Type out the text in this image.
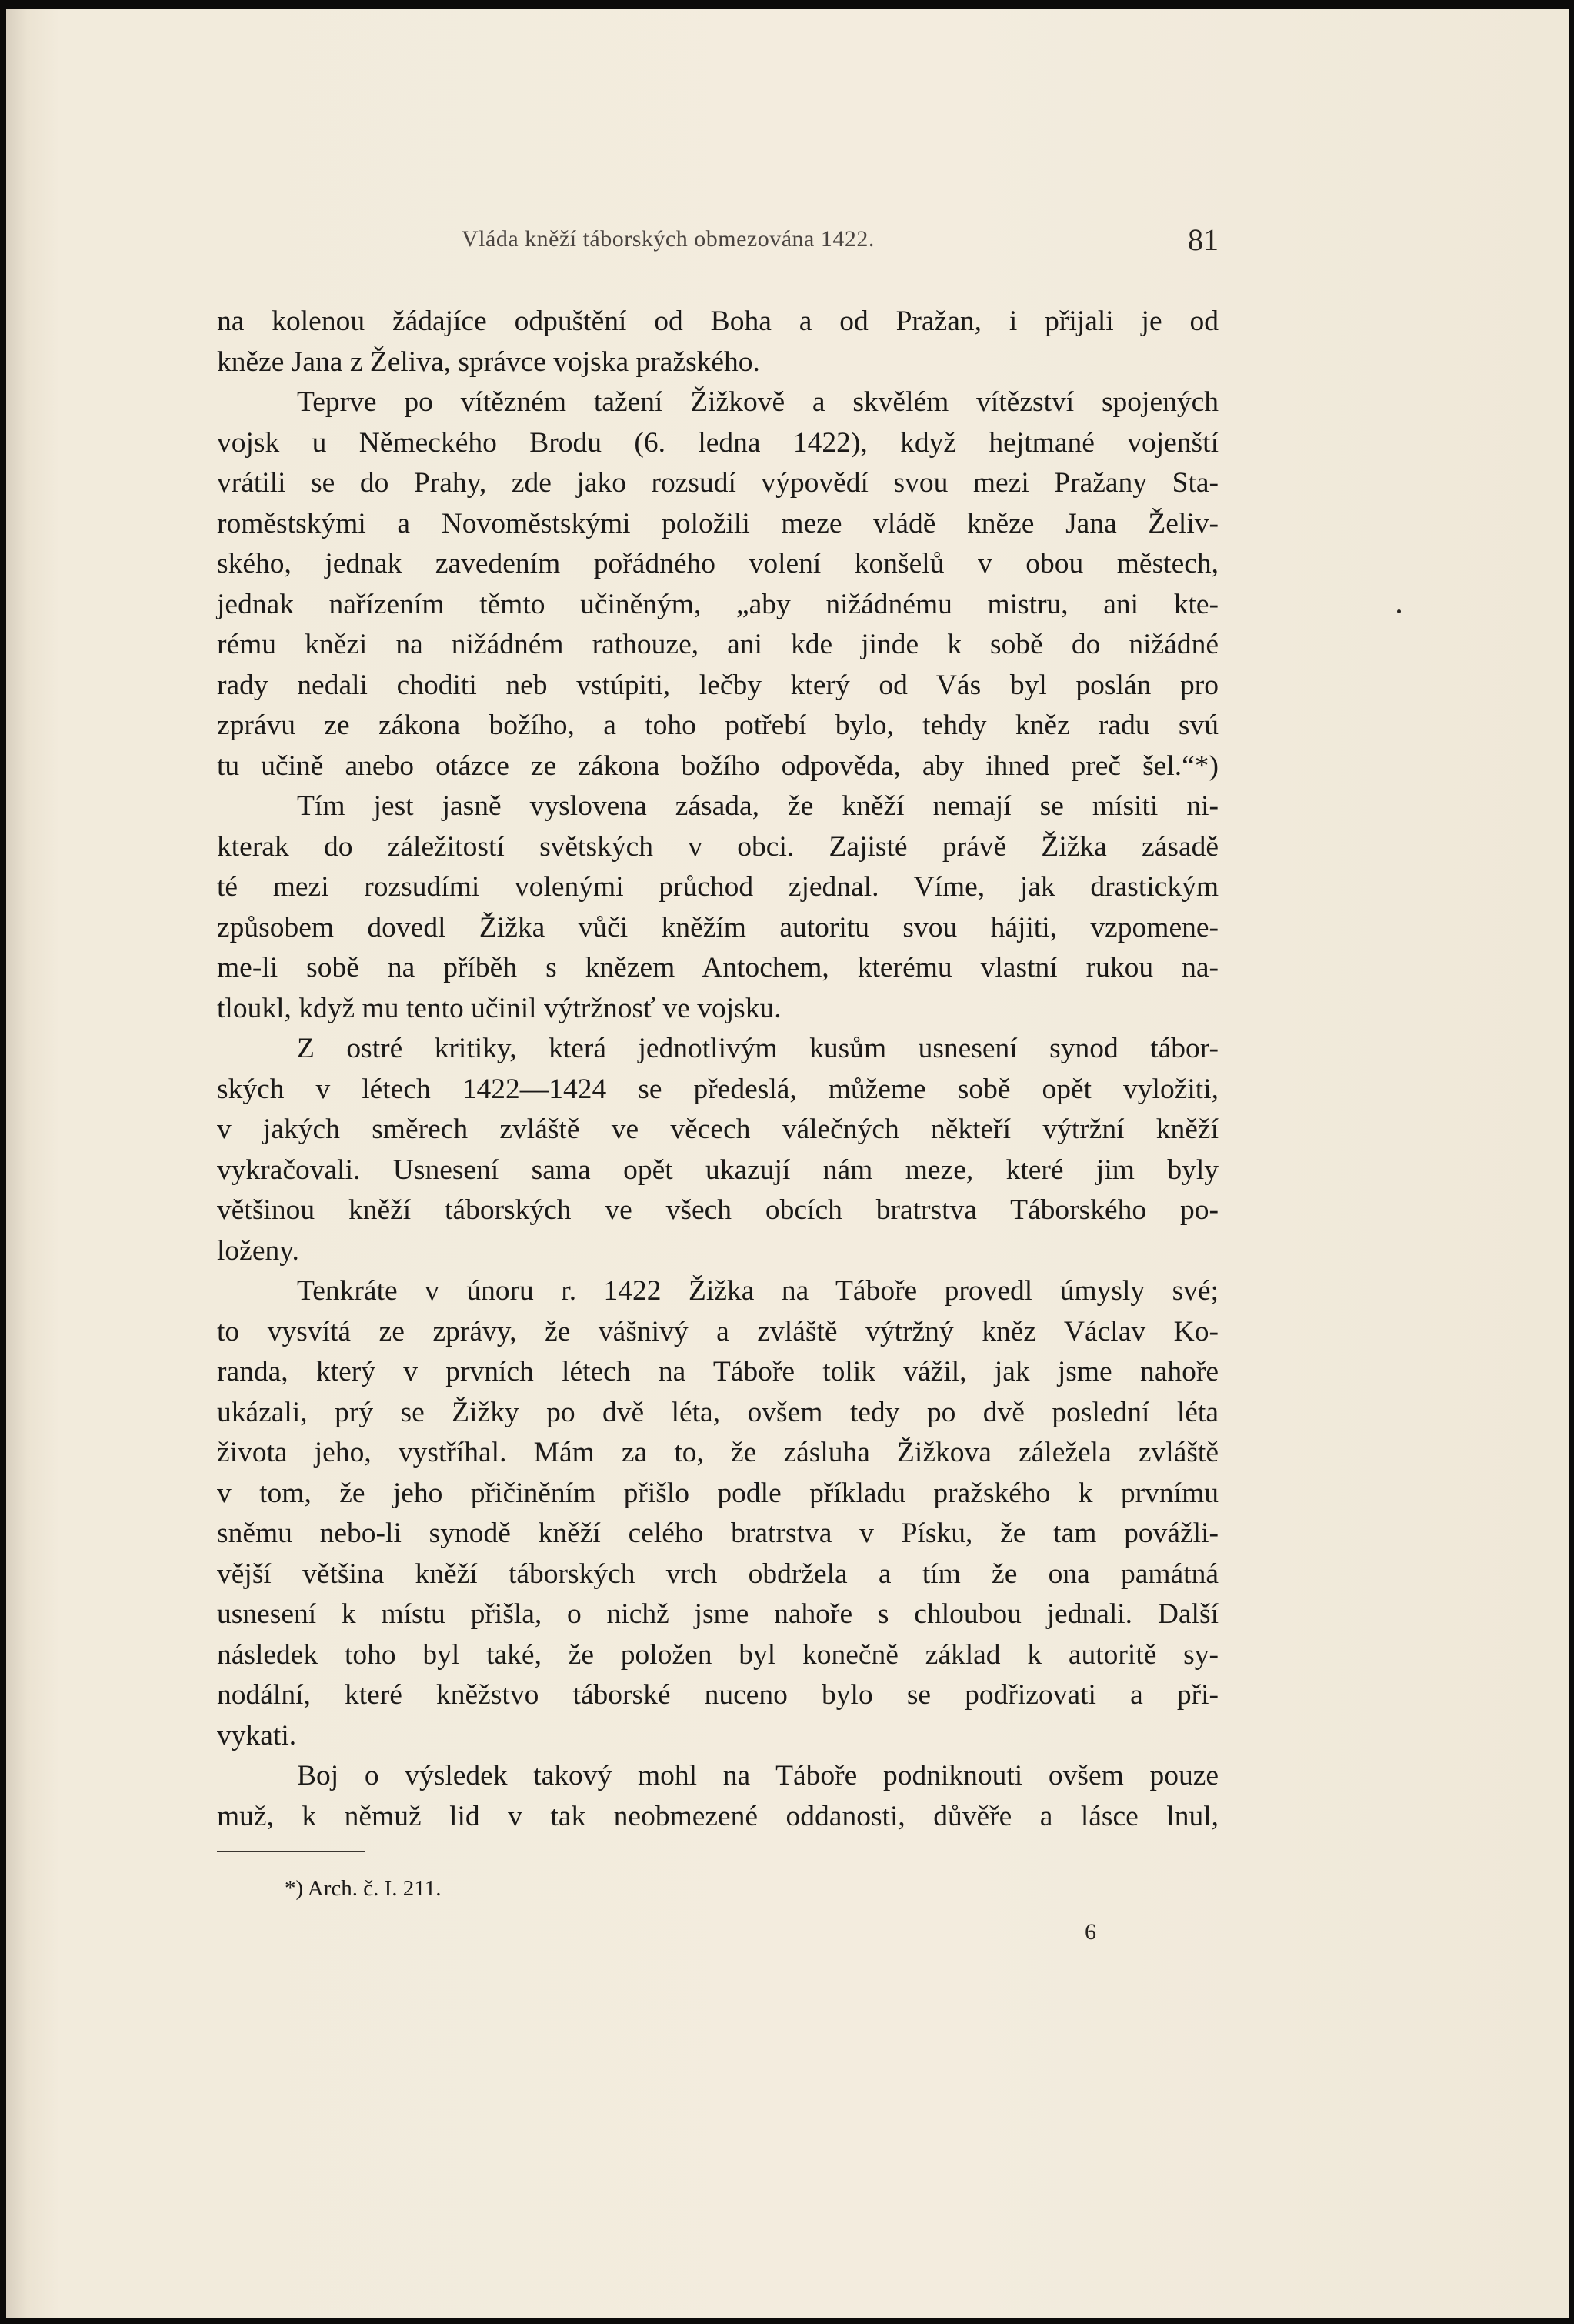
Vláda kněží táborských obmezována 1422.	81
na kolenou žádajíce odpuštění od Boha a od Pražan, i přijali je od
kněze Jana z Želiva, správce vojska pražského.
Teprve po vítězném tažení Žižkově a skvělém vítězství spojených
vojsk u Německého Brodu (6. ledna 1422), když hejtmané vojenští
vrátili se do Prahy, zde jako rozsudí výpovědí svou mezi Pražany Sta-
roměstskými a Novoměstskými položili meze vládě kněze Jana Želiv-
ského, jednak zavedením pořádného volení konšelů v obou městech,
jednak nařízením těmto učiněným, „aby nižádnému mistru, ani kte-
rému knězi na nižádném rathouze, ani kde jinde k sobě do nižádné
rady nedali choditi neb vstúpiti, lečby který od Vás byl poslán pro
zprávu ze zákona božího, a toho potřebí bylo, tehdy kněz radu svú
tu učině anebo otázce ze zákona božího odpověda, aby ihned preč šel.“*)
Tím jest jasně vyslovena zásada, že kněží nemají se mísiti ni-
kterak do záležitostí světských v obci. Zajisté právě Žižka zásadě
té mezi rozsudími volenými průchod zjednal. Víme, jak drastickým
způsobem dovedl Žižka vůči kněžím autoritu svou hájiti, vzpomene-
me-li sobě na příběh s knězem Antochem, kterému vlastní rukou na-
tloukl, když mu tento učinil výtržnosť ve vojsku.
Z ostré kritiky, která jednotlivým kusům usnesení synod tábor-
ských v létech 1422—1424 se předeslá, můžeme sobě opět vyložiti,
v jakých směrech zvláště ve věcech válečných někteří výtržní kněží
vykračovali. Usnesení sama opět ukazují nám meze, které jim byly
většinou kněží táborských ve všech obcích bratrstva Táborského po-
loženy.
Tenkráte v únoru r. 1422 Žižka na Táboře provedl úmysly své;
to vysvítá ze zprávy, že vášnivý a zvláště výtržný kněz Václav Ko-
randa, který v prvních létech na Táboře tolik vážil, jak jsme nahoře
ukázali, prý se Žižky po dvě léta, ovšem tedy po dvě poslední léta
života jeho, vystříhal. Mám za to, že zásluha Žižkova záležela zvláště
v tom, že jeho přičiněním přišlo podle příkladu pražského k prvnímu
sněmu nebo-li synodě kněží celého bratrstva v Písku, že tam povážli-
vější většina kněží táborských vrch obdržela a tím že ona památná
usnesení k místu přišla, o nichž jsme nahoře s chloubou jednali. Další
následek toho byl také, že položen byl konečně základ k autoritě sy-
nodální, které kněžstvo táborské nuceno bylo se podřizovati a při-
vykati.
Boj o výsledek takový mohl na Táboře podniknouti ovšem pouze
muž, k němuž lid v tak neobmezené oddanosti, důvěře a lásce lnul,
*) Arch. č. I. 211.
6
